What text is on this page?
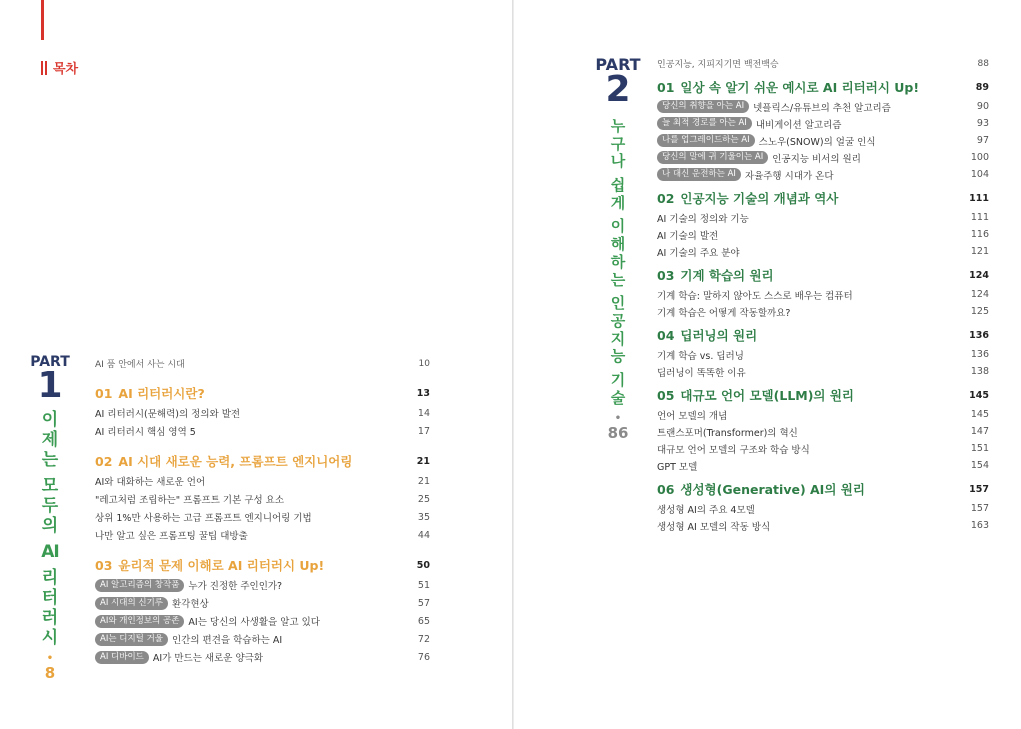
목차
PART
1
이
제
는
모
두
의
AI
리
터
러
시
•
8
AI 품 안에서 사는 시대	10
01 AI 리터러시란?	13
AI 리터러시(문해력)의 정의와 발전	14
AI 리터러시 핵심 영역 5	17
02 AI 시대 새로운 능력, 프롬프트 엔지니어링	21
AI와 대화하는 새로운 언어	21
"레고처럼 조립하는" 프롬프트 기본 구성 요소	25
상위 1%만 사용하는 고급 프롬프트 엔지니어링 기법	35
나만 알고 싶은 프롬프팅 꿀팁 대방출	44
03 윤리적 문제 이해로 AI 리터러시 Up!	50
AI 알고리즘의 창작품 누가 진정한 주인인가?	51
AI 시대의 신기루 환각현상	57
AI와 개인정보의 공존 AI는 당신의 사생활을 알고 있다	65
AI는 디지털 거울 인간의 편견을 학습하는 AI	72
AI 디바이드 AI가 만드는 새로운 양극화	76
PART
2
누
구
나
쉽
게
이
해
하
는
인
공
지
능
기
술
•
86
인공지능, 지피지기면 백전백승	88
01 일상 속 알기 쉬운 예시로 AI 리터러시 Up!	89
당신의 취향을 아는 AI 넷플릭스/유튜브의 추천 알고리즘	90
늘 최적 경로를 아는 AI 내비게이션 알고리즘	93
나를 업그레이드하는 AI 스노우(SNOW)의 얼굴 인식	97
당신의 말에 귀 기울이는 AI 인공지능 비서의 원리	100
나 대신 운전하는 AI 자율주행 시대가 온다	104
02 인공지능 기술의 개념과 역사	111
AI 기술의 정의와 기능	111
AI 기술의 발전	116
AI 기술의 주요 분야	121
03 기계 학습의 원리	124
기계 학습: 말하지 않아도 스스로 배우는 컴퓨터	124
기계 학습은 어떻게 작동할까요?	125
04 딥러닝의 원리	136
기계 학습 vs. 딥러닝	136
딥러닝이 똑똑한 이유	138
05 대규모 언어 모델(LLM)의 원리	145
언어 모델의 개념	145
트랜스포머(Transformer)의 혁신	147
대규모 언어 모델의 구조와 학습 방식	151
GPT 모델	154
06 생성형(Generative) AI의 원리	157
생성형 AI의 주요 4모델	157
생성형 AI 모델의 작동 방식	163
